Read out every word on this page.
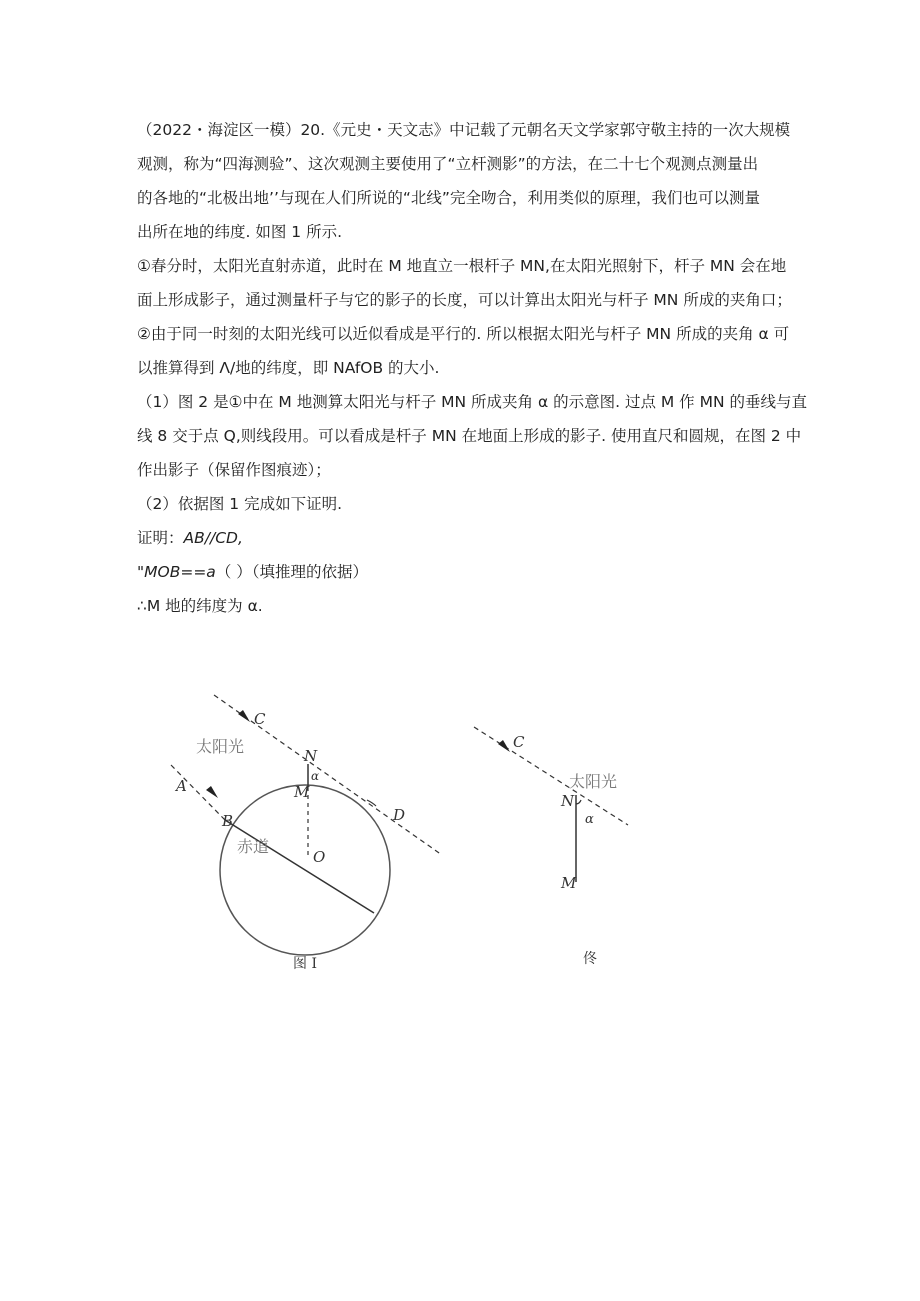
（2022・海淀区一模）20.《元史・天文志》中记载了元朝名天文学家郭守敬主持的一次大规模
观测，称为“四海测验”、这次观测主要使用了“立杆测影”的方法，在二十七个观测点测量出
的各地的“北极出地’’与现在人们所说的“北线”完全吻合，利用类似的原理，我们也可以测量
出所在地的纬度. 如图 1 所示.
①春分时，太阳光直射赤道，此时在 M 地直立一根杆子 MN,在太阳光照射下，杆子 MN 会在地
面上形成影子，通过测量杆子与它的影子的长度，可以计算出太阳光与杆子 MN 所成的夹角口；
②由于同一时刻的太阳光线可以近似看成是平行的. 所以根据太阳光与杆子 MN 所成的夹角 α 可
以推算得到 Λ/地的纬度，即 NAfOB 的大小.
（1）图 2 是①中在 M 地测算太阳光与杆子 MN 所成夹角 α 的示意图. 过点 M 作 MN 的垂线与直
线 8 交于点 Q,则线段用。可以看成是杆子 MN 在地面上形成的影子. 使用直尺和圆规，在图 2 中
作出影子（保留作图痕迹）；
（2）依据图 1 完成如下证明.
证明：AB//CD,
"MOB==a（ ）（填推理的依据）
∴M 地的纬度为 α.
C
太阳光	N
α
M
A
D
B
赤道
O
图 I
C
太阳光
N
α
M
佟
